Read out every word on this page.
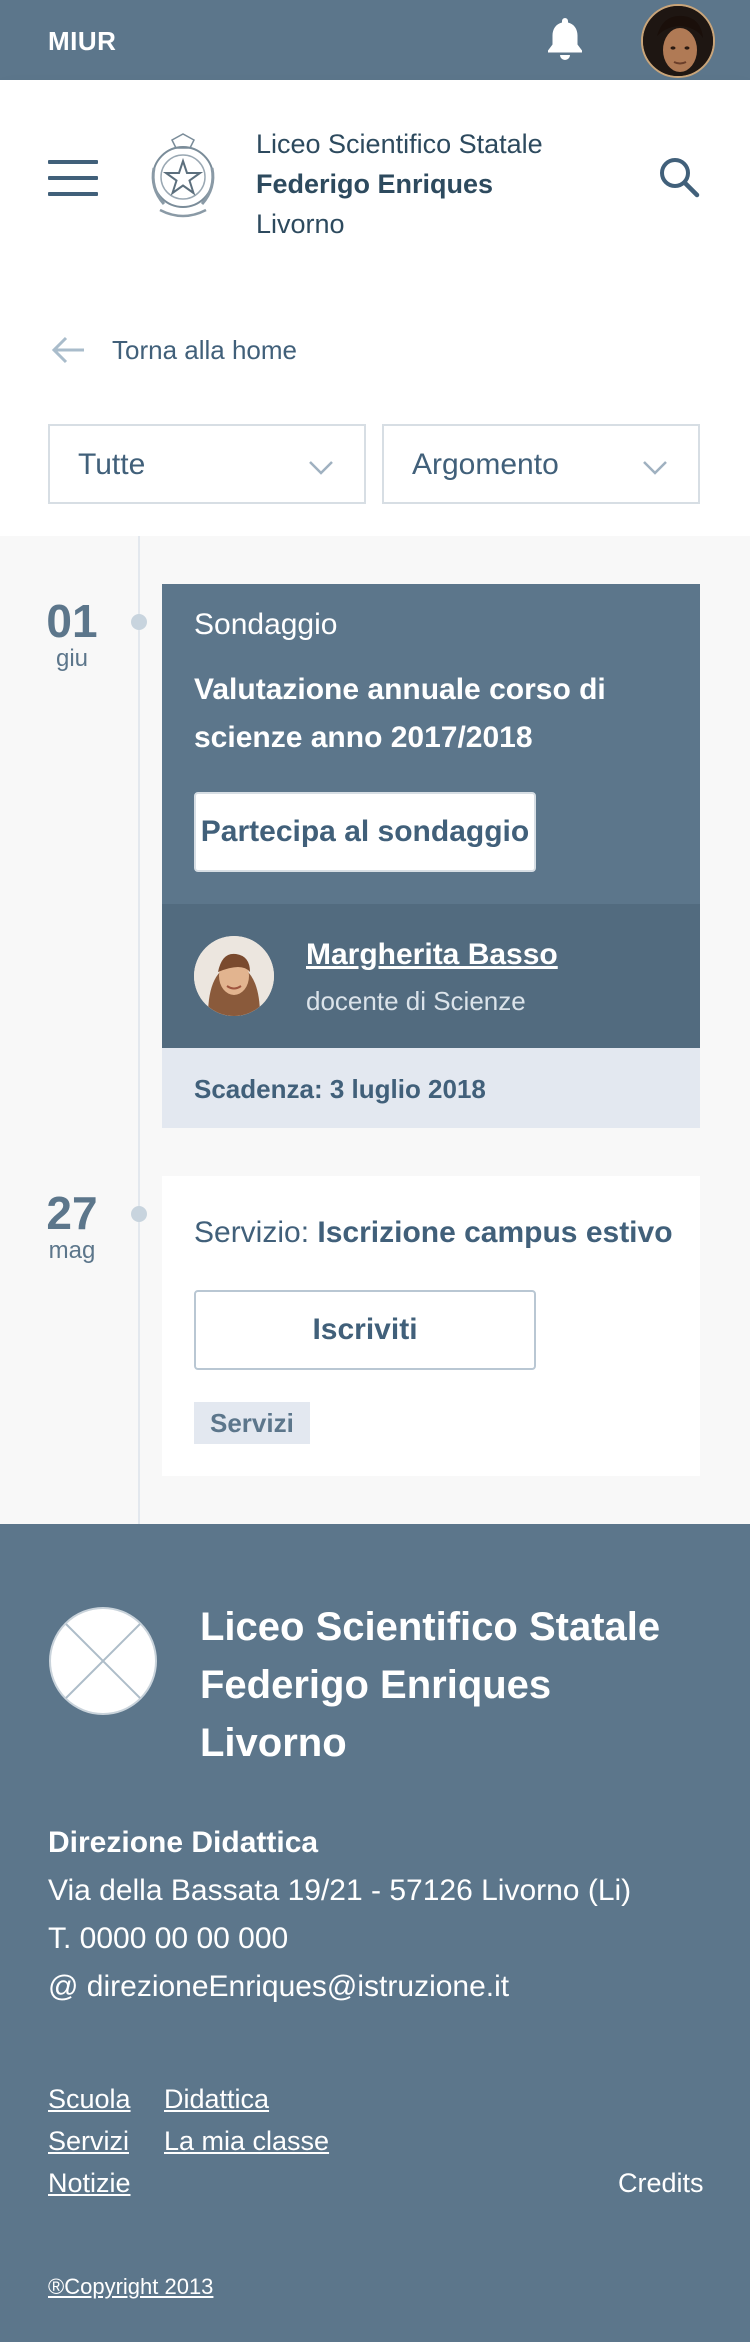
MIUR
Liceo Scientifico Statale
Federigo Enriques
Livorno
Torna alla home
Tutte	Argomento
01
giu
Sondaggio
Valutazione annuale corso di scienze anno 2017/2018
Partecipa al sondaggio
Margherita Basso
docente di Scienze
Scadenza: 3 luglio 2018
27
mag
Servizio: Iscrizione campus estivo
Iscriviti
Servizi
Liceo Scientifico Statale
Federigo Enriques
Livorno
Direzione Didattica
Via della Bassata 19/21 - 57126 Livorno (Li)
T. 0000 00 00 000
@ direzioneEnriques@istruzione.it
Scuola Didattica
Servizi La mia classe
Notizie	Credits
®Copyright 2013
